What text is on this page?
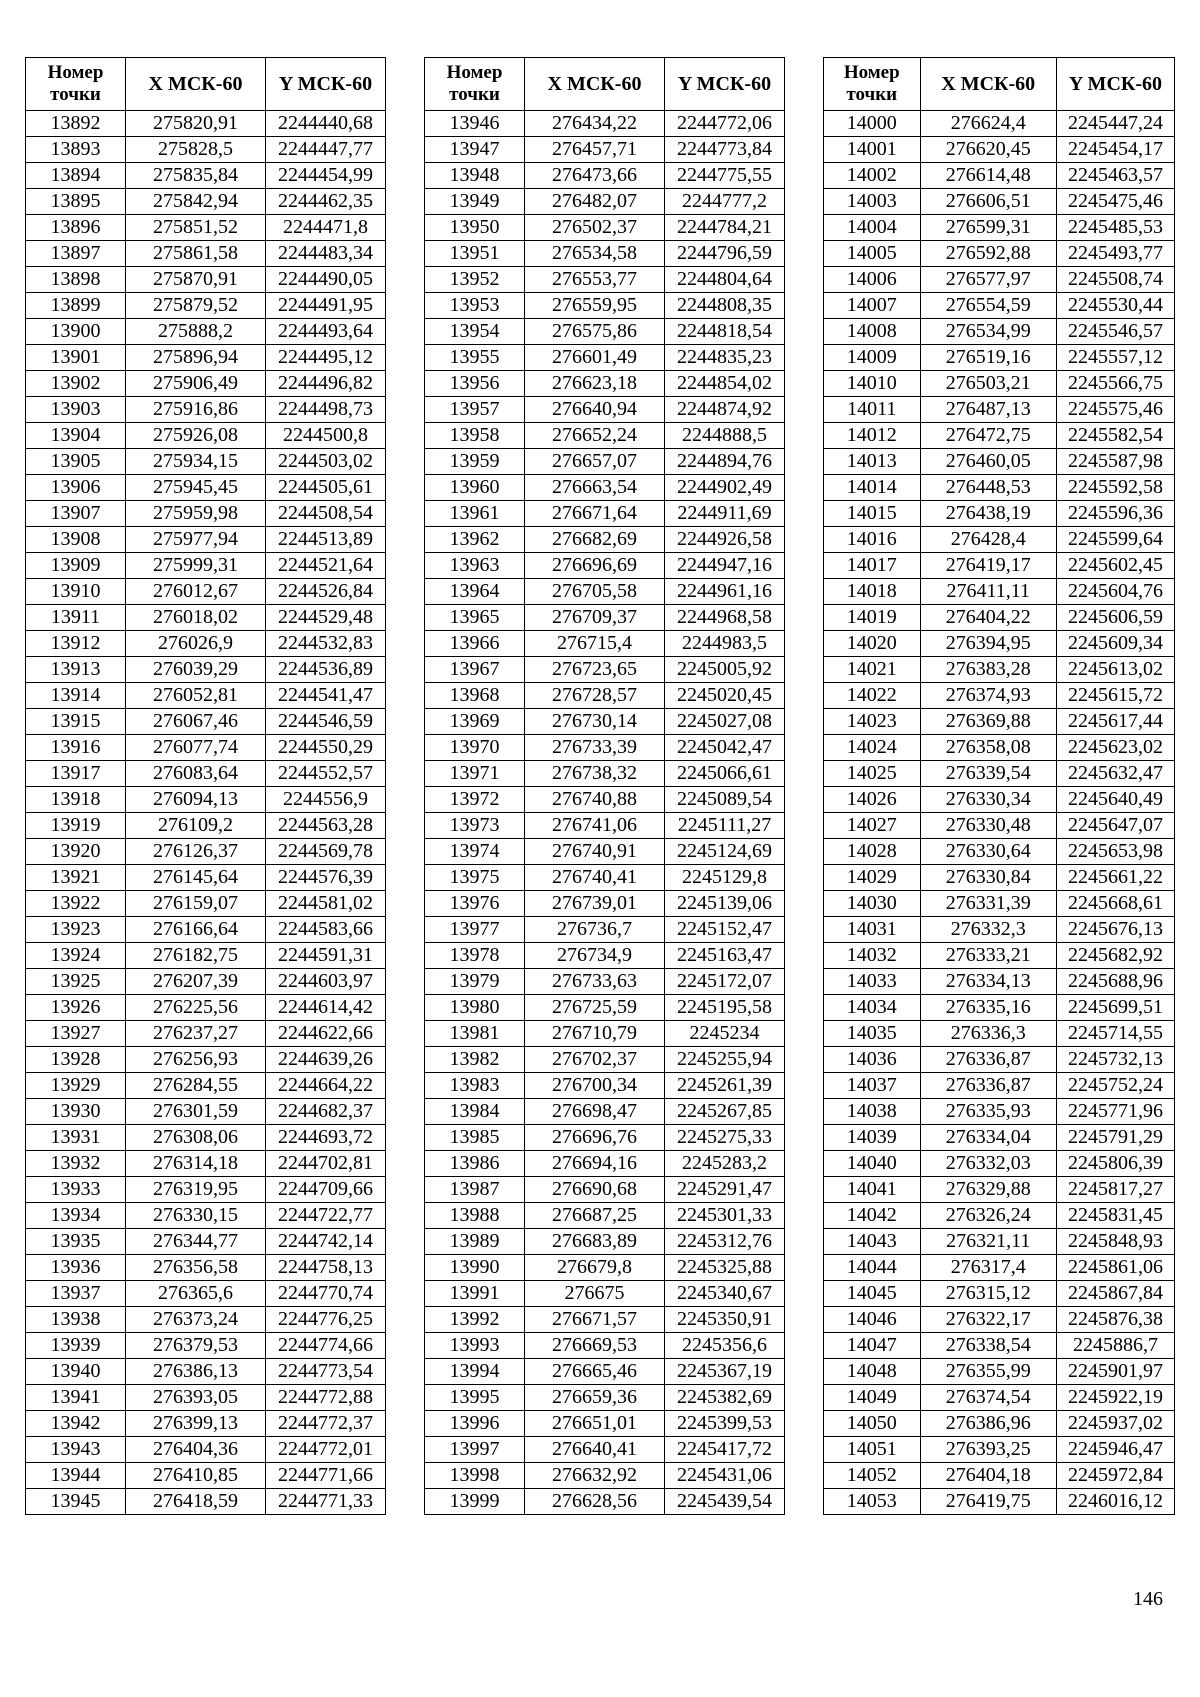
Номер точки	X МСК-60	Y МСК-60
13892	275820,91	2244440,68
13893	275828,5	2244447,77
13894	275835,84	2244454,99
13895	275842,94	2244462,35
13896	275851,52	2244471,8
13897	275861,58	2244483,34
13898	275870,91	2244490,05
13899	275879,52	2244491,95
13900	275888,2	2244493,64
13901	275896,94	2244495,12
13902	275906,49	2244496,82
13903	275916,86	2244498,73
13904	275926,08	2244500,8
13905	275934,15	2244503,02
13906	275945,45	2244505,61
13907	275959,98	2244508,54
13908	275977,94	2244513,89
13909	275999,31	2244521,64
13910	276012,67	2244526,84
13911	276018,02	2244529,48
13912	276026,9	2244532,83
13913	276039,29	2244536,89
13914	276052,81	2244541,47
13915	276067,46	2244546,59
13916	276077,74	2244550,29
13917	276083,64	2244552,57
13918	276094,13	2244556,9
13919	276109,2	2244563,28
13920	276126,37	2244569,78
13921	276145,64	2244576,39
13922	276159,07	2244581,02
13923	276166,64	2244583,66
13924	276182,75	2244591,31
13925	276207,39	2244603,97
13926	276225,56	2244614,42
13927	276237,27	2244622,66
13928	276256,93	2244639,26
13929	276284,55	2244664,22
13930	276301,59	2244682,37
13931	276308,06	2244693,72
13932	276314,18	2244702,81
13933	276319,95	2244709,66
13934	276330,15	2244722,77
13935	276344,77	2244742,14
13936	276356,58	2244758,13
13937	276365,6	2244770,74
13938	276373,24	2244776,25
13939	276379,53	2244774,66
13940	276386,13	2244773,54
13941	276393,05	2244772,88
13942	276399,13	2244772,37
13943	276404,36	2244772,01
13944	276410,85	2244771,66
13945	276418,59	2244771,33
Номер точки	X МСК-60	Y МСК-60
13946	276434,22	2244772,06
13947	276457,71	2244773,84
13948	276473,66	2244775,55
13949	276482,07	2244777,2
13950	276502,37	2244784,21
13951	276534,58	2244796,59
13952	276553,77	2244804,64
13953	276559,95	2244808,35
13954	276575,86	2244818,54
13955	276601,49	2244835,23
13956	276623,18	2244854,02
13957	276640,94	2244874,92
13958	276652,24	2244888,5
13959	276657,07	2244894,76
13960	276663,54	2244902,49
13961	276671,64	2244911,69
13962	276682,69	2244926,58
13963	276696,69	2244947,16
13964	276705,58	2244961,16
13965	276709,37	2244968,58
13966	276715,4	2244983,5
13967	276723,65	2245005,92
13968	276728,57	2245020,45
13969	276730,14	2245027,08
13970	276733,39	2245042,47
13971	276738,32	2245066,61
13972	276740,88	2245089,54
13973	276741,06	2245111,27
13974	276740,91	2245124,69
13975	276740,41	2245129,8
13976	276739,01	2245139,06
13977	276736,7	2245152,47
13978	276734,9	2245163,47
13979	276733,63	2245172,07
13980	276725,59	2245195,58
13981	276710,79	2245234
13982	276702,37	2245255,94
13983	276700,34	2245261,39
13984	276698,47	2245267,85
13985	276696,76	2245275,33
13986	276694,16	2245283,2
13987	276690,68	2245291,47
13988	276687,25	2245301,33
13989	276683,89	2245312,76
13990	276679,8	2245325,88
13991	276675	2245340,67
13992	276671,57	2245350,91
13993	276669,53	2245356,6
13994	276665,46	2245367,19
13995	276659,36	2245382,69
13996	276651,01	2245399,53
13997	276640,41	2245417,72
13998	276632,92	2245431,06
13999	276628,56	2245439,54
Номер точки	X МСК-60	Y МСК-60
14000	276624,4	2245447,24
14001	276620,45	2245454,17
14002	276614,48	2245463,57
14003	276606,51	2245475,46
14004	276599,31	2245485,53
14005	276592,88	2245493,77
14006	276577,97	2245508,74
14007	276554,59	2245530,44
14008	276534,99	2245546,57
14009	276519,16	2245557,12
14010	276503,21	2245566,75
14011	276487,13	2245575,46
14012	276472,75	2245582,54
14013	276460,05	2245587,98
14014	276448,53	2245592,58
14015	276438,19	2245596,36
14016	276428,4	2245599,64
14017	276419,17	2245602,45
14018	276411,11	2245604,76
14019	276404,22	2245606,59
14020	276394,95	2245609,34
14021	276383,28	2245613,02
14022	276374,93	2245615,72
14023	276369,88	2245617,44
14024	276358,08	2245623,02
14025	276339,54	2245632,47
14026	276330,34	2245640,49
14027	276330,48	2245647,07
14028	276330,64	2245653,98
14029	276330,84	2245661,22
14030	276331,39	2245668,61
14031	276332,3	2245676,13
14032	276333,21	2245682,92
14033	276334,13	2245688,96
14034	276335,16	2245699,51
14035	276336,3	2245714,55
14036	276336,87	2245732,13
14037	276336,87	2245752,24
14038	276335,93	2245771,96
14039	276334,04	2245791,29
14040	276332,03	2245806,39
14041	276329,88	2245817,27
14042	276326,24	2245831,45
14043	276321,11	2245848,93
14044	276317,4	2245861,06
14045	276315,12	2245867,84
14046	276322,17	2245876,38
14047	276338,54	2245886,7
14048	276355,99	2245901,97
14049	276374,54	2245922,19
14050	276386,96	2245937,02
14051	276393,25	2245946,47
14052	276404,18	2245972,84
14053	276419,75	2246016,12
146
